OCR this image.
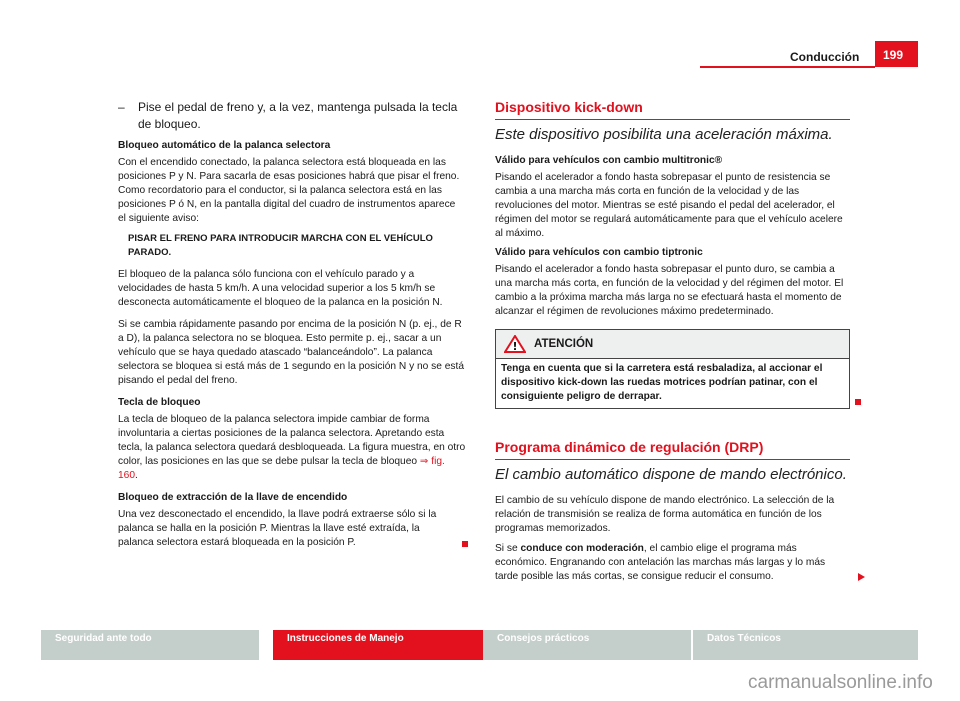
Conducción	199
–	Pise el pedal de freno y, a la vez, mantenga pulsada la tecla de bloqueo.
Bloqueo automático de la palanca selectora

Con el encendido conectado, la palanca selectora está bloqueada en las posiciones P y N. Para sacarla de esas posiciones habrá que pisar el freno. Como recordatorio para el conductor, si la palanca selectora está en las posiciones P ó N, en la pantalla digital del cuadro de instrumentos aparece el siguiente aviso:

PISAR EL FRENO PARA INTRODUCIR MARCHA CON EL VEHÍCULO PARADO.

El bloqueo de la palanca sólo funciona con el vehículo parado y a velocidades de hasta 5 km/h. A una velocidad superior a los 5 km/h se desconecta automáticamente el bloqueo de la palanca en la posición N.

Si se cambia rápidamente pasando por encima de la posición N (p. ej., de R a D), la palanca selectora no se bloquea. Esto permite p. ej., sacar a un vehículo que se haya quedado atascado “balanceándolo”. La palanca selectora se bloquea si está más de 1 segundo en la posición N y no se está pisando el pedal del freno.

Tecla de bloqueo

La tecla de bloqueo de la palanca selectora impide cambiar de forma involuntaria a ciertas posiciones de la palanca selectora. Apretando esta tecla, la palanca selectora quedará desbloqueada. La figura muestra, en otro color, las posiciones en las que se debe pulsar la tecla de bloqueo ⇒ fig. 160.

Bloqueo de extracción de la llave de encendido

Una vez desconectado el encendido, la llave podrá extraerse sólo si la palanca se halla en la posición P. Mientras la llave esté extraída, la palanca selectora estará bloqueada en la posición P.

Dispositivo kick-down
Este dispositivo posibilita una aceleración máxima.
Válido para vehículos con cambio multitronic®

Pisando el acelerador a fondo hasta sobrepasar el punto de resistencia se cambia a una marcha más corta en función de la velocidad y de las revoluciones del motor. Mientras se esté pisando el pedal del acelerador, el régimen del motor se regulará automáticamente para que el vehículo acelere al máximo.

Válido para vehículos con cambio tiptronic

Pisando el acelerador a fondo hasta sobrepasar el punto duro, se cambia a una marcha más corta, en función de la velocidad y del régimen del motor. El cambio a la próxima marcha más larga no se efectuará hasta el momento de alcanzar el régimen de revoluciones máximo predeterminado.

! ATENCIÓN

Tenga en cuenta que si la carretera está resbaladiza, al accionar el dispositivo kick-down las ruedas motrices podrían patinar, con el consiguiente peligro de derrapar.

Programa dinámico de regulación (DRP)
El cambio automático dispone de mando electrónico.

El cambio de su vehículo dispone de mando electrónico. La selección de la relación de transmisión se realiza de forma automática en función de los programas memorizados.

Si se conduce con moderación, el cambio elige el programa más económico. Engranando con antelación las marchas más largas y lo más tarde posible las más cortas, se consigue reducir el consumo.

Seguridad ante todo	Instrucciones de Manejo	Consejos prácticos	Datos Técnicos
carmanualsonline.info
